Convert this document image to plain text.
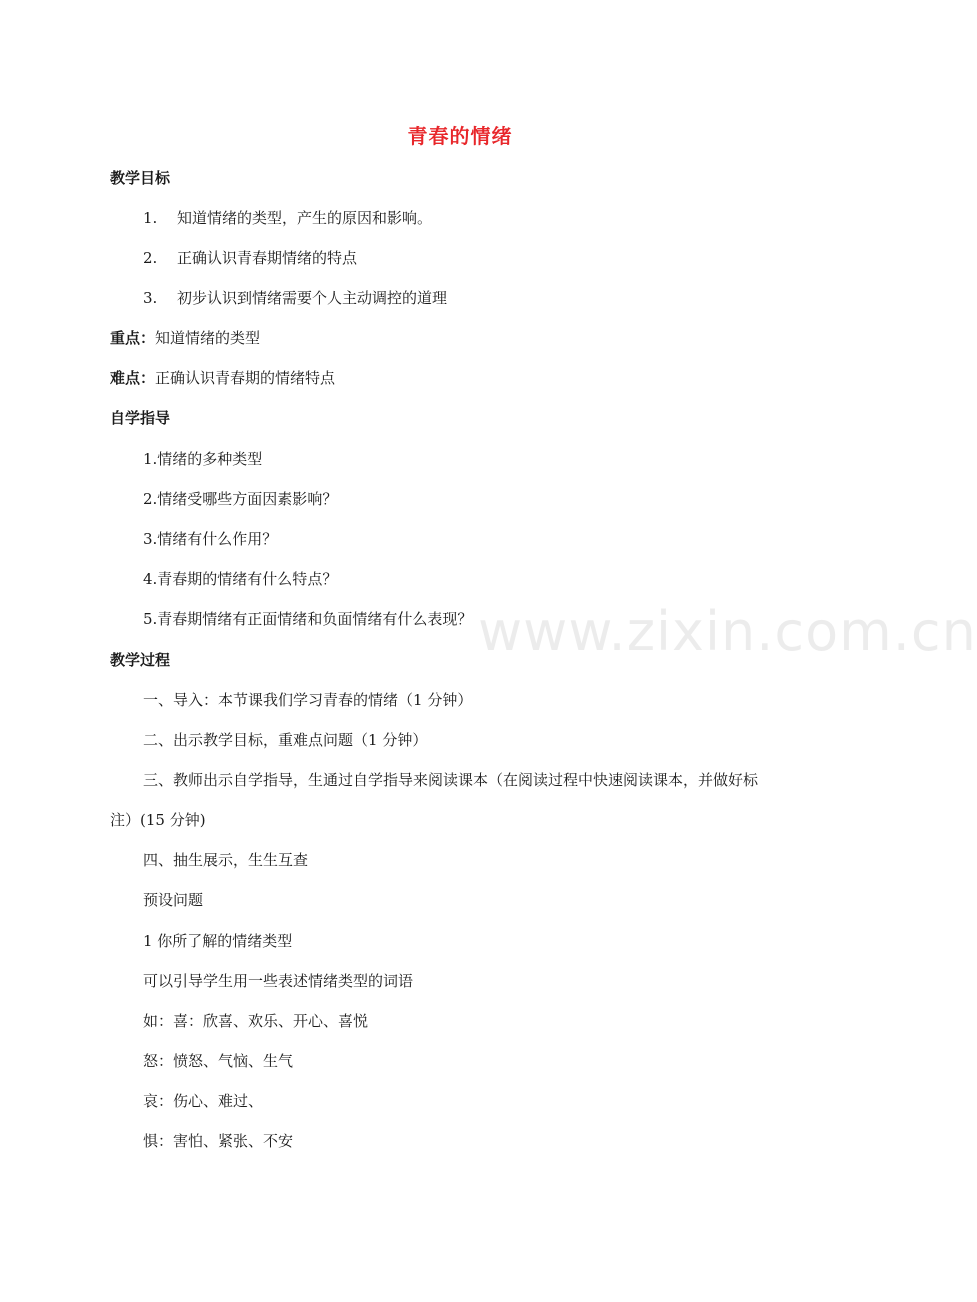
www.zixin.com.cn
青春的情绪
教学目标
1. 知道情绪的类型，产生的原因和影响。
2. 正确认识青春期情绪的特点
3. 初步认识到情绪需要个人主动调控的道理
重点：知道情绪的类型
难点：正确认识青春期的情绪特点
自学指导
1.情绪的多种类型
2.情绪受哪些方面因素影响？
3.情绪有什么作用？
4.青春期的情绪有什么特点？
5.青春期情绪有正面情绪和负面情绪有什么表现？
教学过程
一、导入：本节课我们学习青春的情绪（1 分钟）
二、出示教学目标，重难点问题（1 分钟）
三、教师出示自学指导，生通过自学指导来阅读课本（在阅读过程中快速阅读课本，并做好标
注）(15 分钟)
四、抽生展示，生生互查
预设问题
1 你所了解的情绪类型
可以引导学生用一些表述情绪类型的词语
如：喜：欣喜、欢乐、开心、喜悦
怒：愤怒、气恼、生气
哀：伤心、难过、
惧：害怕、紧张、不安
